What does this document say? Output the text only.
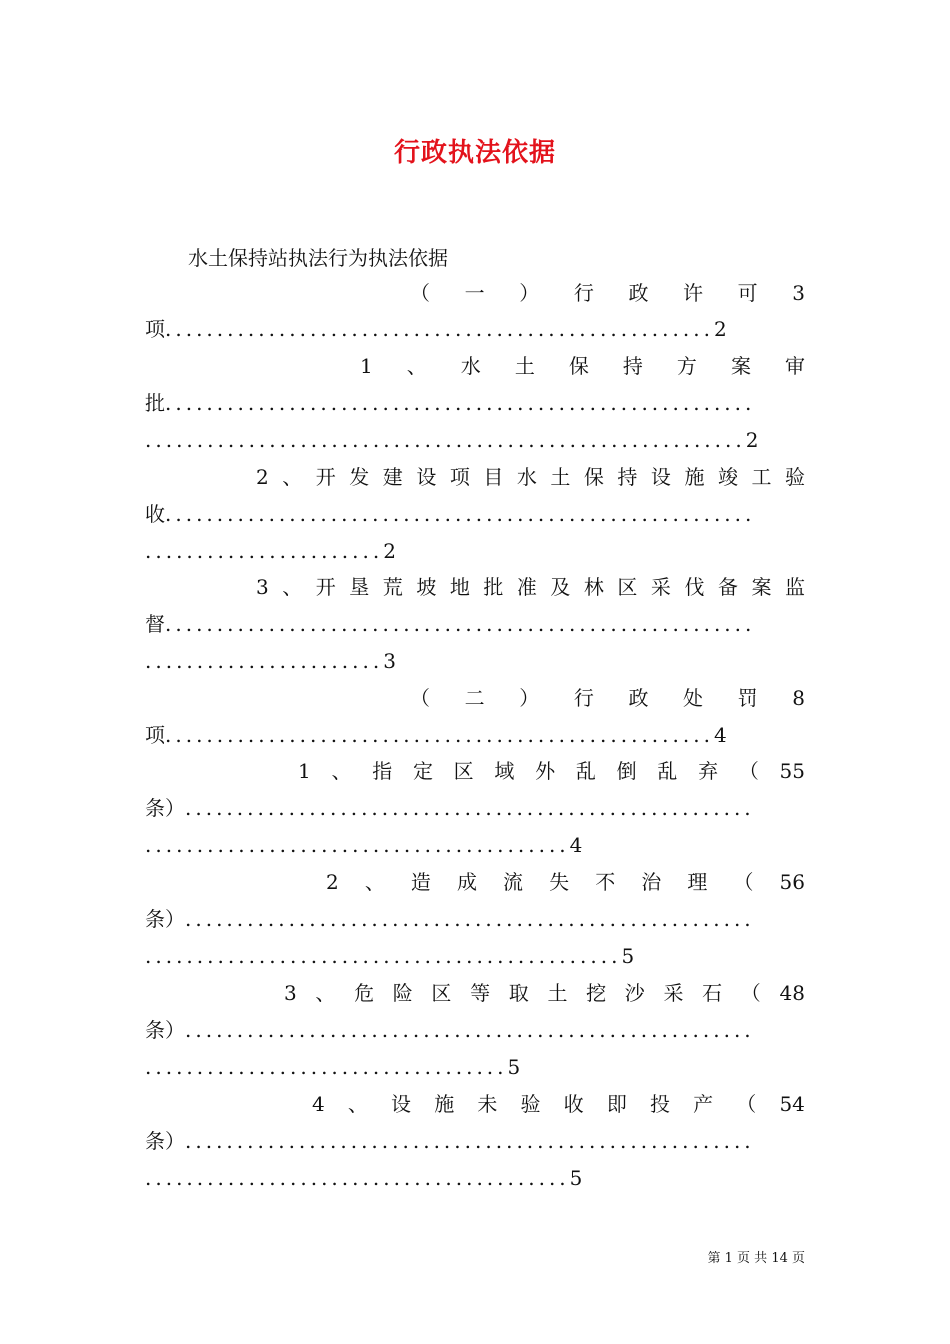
行政执法依据
水土保持站执法行为执法依据
（ 一 ） 行 政 许 可 3
项 ..................................................... 2
1 、 水 土 保 持 方 案 审
批 .........................................................
.......................................................... 2
2 、 开 发 建 设 项 目 水 土 保 持 设 施 竣 工 验
收 .........................................................
....................... 2
3 、 开 垦 荒 坡 地 批 准 及 林 区 采 伐 备 案 监
督 .........................................................
....................... 3
（ 二 ） 行 政 处 罚 8
项 ..................................................... 4
1 、 指 定 区 域 外 乱 倒 乱 弃 （ 55
条） .......................................................
......................................... 4
2 、 造 成 流 失 不 治 理 （ 56
条） .......................................................
.............................................. 5
3 、 危 险 区 等 取 土 挖 沙 采 石 （ 48
条） .......................................................
................................... 5
4 、 设 施 未 验 收 即 投 产 （ 54
条） .......................................................
......................................... 5
第 1 页 共 14 页
